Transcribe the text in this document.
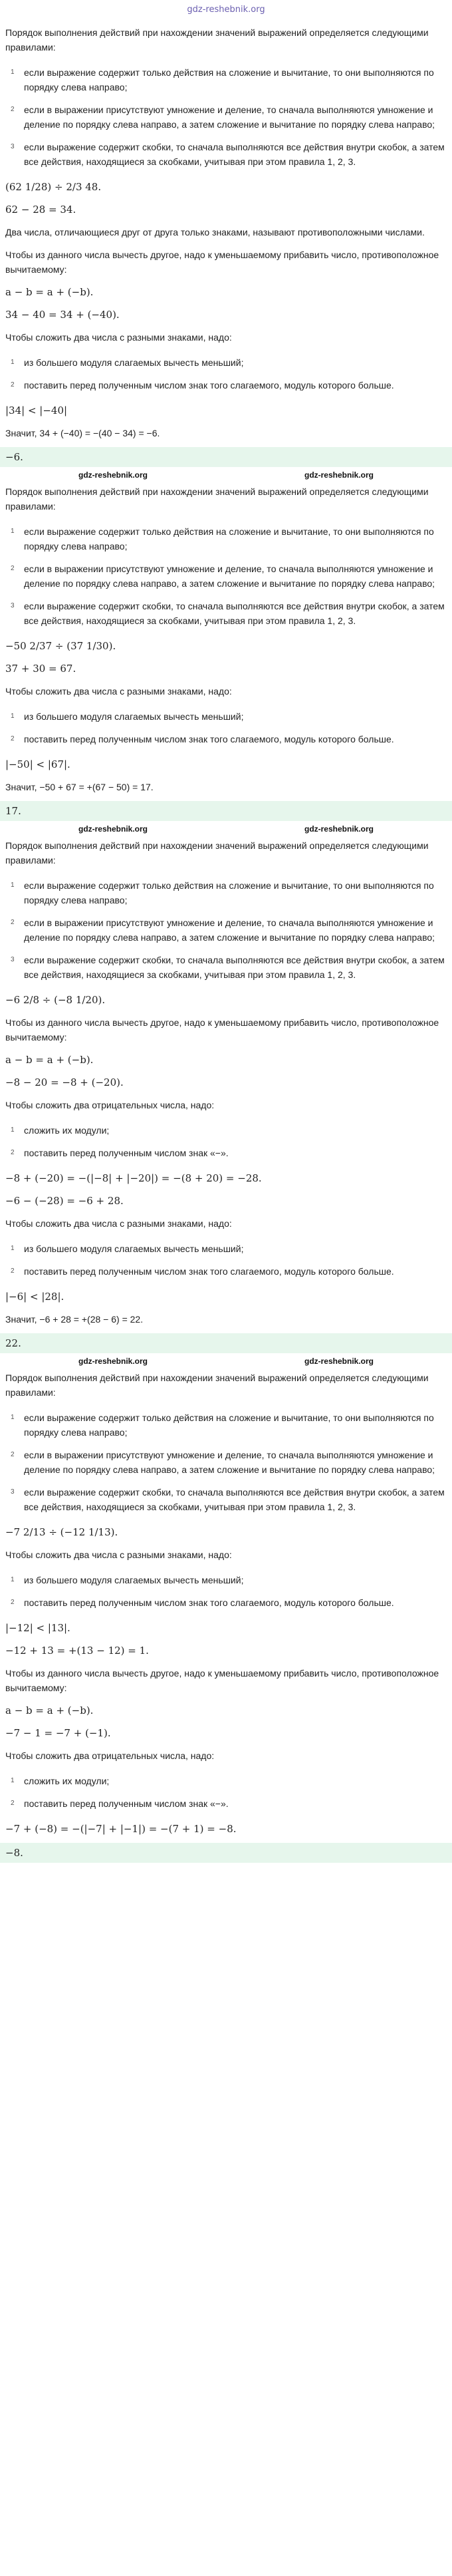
gdz-reshebnik.org

Порядок выполнения действий при нахождении значений выражений определяется следующими правилами:

1 если выражение содержит только действия на сложение и вычитание, то они выполняются по порядку слева направо;
2 если в выражении присутствуют умножение и деление, то сначала выполняются умножение и деление по порядку слева направо, а затем сложение и вычитание по порядку слева направо;
3 если выражение содержит скобки, то сначала выполняются все действия внутри скобок, а затем все действия, находящиеся за скобками, учитывая при этом правила 1, 2, 3.
(62 1/28) ÷ 2/3 48.
62 − 28 = 34.

Два числа, отличающиеся друг от друга только знаками, называют противоположными числами.

Чтобы из данного числа вычесть другое, надо к уменьшаемому прибавить число, противоположное вычитаемому:

a − b = a + (−b).
34 − 40 = 34 + (−40).

Чтобы сложить два числа с разными знаками, надо:

1 из большего модуля слагаемых вычесть меньший;
2 поставить перед полученным числом знак того слагаемого, модуль которого больше.
|34| < |−40|

Значит, 34 + (−40) = −(40 − 34) = −6.

−6.
gdz-reshebnik.org	gdz-reshebnik.org

Порядок выполнения действий при нахождении значений выражений определяется следующими правилами:

1 если выражение содержит только действия на сложение и вычитание, то они выполняются по порядку слева направо;
2 если в выражении присутствуют умножение и деление, то сначала выполняются умножение и деление по порядку слева направо, а затем сложение и вычитание по порядку слева направо;
3 если выражение содержит скобки, то сначала выполняются все действия внутри скобок, а затем все действия, находящиеся за скобками, учитывая при этом правила 1, 2, 3.
−50 2/37 ÷ (37 1/30).
37 + 30 = 67.

Чтобы сложить два числа с разными знаками, надо:

1 из большего модуля слагаемых вычесть меньший;
2 поставить перед полученным числом знак того слагаемого, модуль которого больше.
|−50| < |67|.

Значит, −50 + 67 = +(67 − 50) = 17.

17.
gdz-reshebnik.org	gdz-reshebnik.org

Порядок выполнения действий при нахождении значений выражений определяется следующими правилами:

1 если выражение содержит только действия на сложение и вычитание, то они выполняются по порядку слева направо;
2 если в выражении присутствуют умножение и деление, то сначала выполняются умножение и деление по порядку слева направо, а затем сложение и вычитание по порядку слева направо;
3 если выражение содержит скобки, то сначала выполняются все действия внутри скобок, а затем все действия, находящиеся за скобками, учитывая при этом правила 1, 2, 3.
−6 2/8 ÷ (−8 1/20).

Чтобы из данного числа вычесть другое, надо к уменьшаемому прибавить число, противоположное вычитаемому:

a − b = a + (−b).
−8 − 20 = −8 + (−20).

Чтобы сложить два отрицательных числа, надо:

1 сложить их модули;
2 поставить перед полученным числом знак «−».
−8 + (−20) = −(|−8| + |−20|) = −(8 + 20) = −28.
−6 − (−28) = −6 + 28.

Чтобы сложить два числа с разными знаками, надо:

1 из большего модуля слагаемых вычесть меньший;
2 поставить перед полученным числом знак того слагаемого, модуль которого больше.
|−6| < |28|.

Значит, −6 + 28 = +(28 − 6) = 22.

22.
gdz-reshebnik.org	gdz-reshebnik.org

Порядок выполнения действий при нахождении значений выражений определяется следующими правилами:

1 если выражение содержит только действия на сложение и вычитание, то они выполняются по порядку слева направо;
2 если в выражении присутствуют умножение и деление, то сначала выполняются умножение и деление по порядку слева направо, а затем сложение и вычитание по порядку слева направо;
3 если выражение содержит скобки, то сначала выполняются все действия внутри скобок, а затем все действия, находящиеся за скобками, учитывая при этом правила 1, 2, 3.
−7 2/13 ÷ (−12 1/13).

Чтобы сложить два числа с разными знаками, надо:

1 из большего модуля слагаемых вычесть меньший;
2 поставить перед полученным числом знак того слагаемого, модуль которого больше.
|−12| < |13|.
−12 + 13 = +(13 − 12) = 1.

Чтобы из данного числа вычесть другое, надо к уменьшаемому прибавить число, противоположное вычитаемому:

a − b = a + (−b).
−7 − 1 = −7 + (−1).

Чтобы сложить два отрицательных числа, надо:

1 сложить их модули;
2 поставить перед полученным числом знак «−».
−7 + (−8) = −(|−7| + |−1|) = −(7 + 1) = −8.
−8.
